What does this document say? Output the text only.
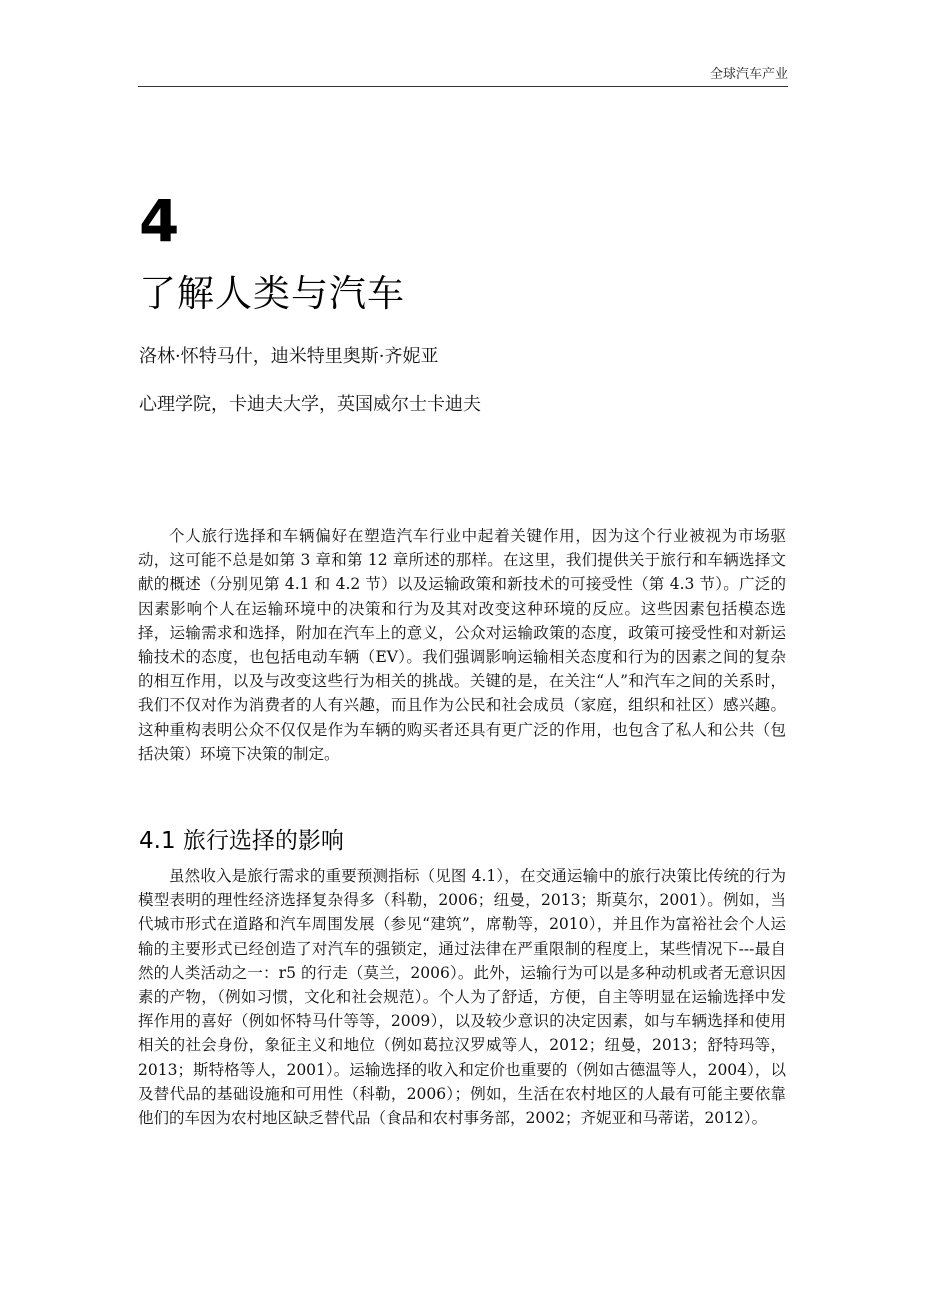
全球汽车产业
4
了解人类与汽车
洛林·怀特马什，迪米特里奥斯·齐妮亚
心理学院，卡迪夫大学，英国威尔士卡迪夫

个人旅行选择和车辆偏好在塑造汽车行业中起着关键作用，因为这个行业被视为市场驱动，这可能不总是如第 3 章和第 12 章所述的那样。在这里，我们提供关于旅行和车辆选择文献的概述（分别见第 4.1 和 4.2 节）以及运输政策和新技术的可接受性（第 4.3 节）。广泛的因素影响个人在运输环境中的决策和行为及其对改变这种环境的反应。这些因素包括模态选择，运输需求和选择，附加在汽车上的意义，公众对运输政策的态度，政策可接受性和对新运输技术的态度，也包括电动车辆（EV）。我们强调影响运输相关态度和行为的因素之间的复杂的相互作用，以及与改变这些行为相关的挑战。关键的是，在关注“人”和汽车之间的关系时，我们不仅对作为消费者的人有兴趣，而且作为公民和社会成员（家庭，组织和社区）感兴趣。这种重构表明公众不仅仅是作为车辆的购买者还具有更广泛的作用，也包含了私人和公共（包括决策）环境下决策的制定。

4.1 旅行选择的影响

虽然收入是旅行需求的重要预测指标（见图 4.1），在交通运输中的旅行决策比传统的行为模型表明的理性经济选择复杂得多（科勒，2006；纽曼，2013；斯莫尔，2001）。例如，当代城市形式在道路和汽车周围发展（参见“建筑”，席勒等，2010），并且作为富裕社会个人运输的主要形式已经创造了对汽车的强锁定，通过法律在严重限制的程度上，某些情况下---最自然的人类活动之一：r5 的行走（莫兰，2006）。此外，运输行为可以是多种动机或者无意识因素的产物，（例如习惯，文化和社会规范）。个人为了舒适，方便，自主等明显在运输选择中发挥作用的喜好（例如怀特马什等等，2009），以及较少意识的决定因素，如与车辆选择和使用相关的社会身份，象征主义和地位（例如葛拉汉罗威等人，2012；纽曼，2013；舒特玛等，2013；斯特格等人，2001）。运输选择的收入和定价也重要的（例如古德温等人，2004），以及替代品的基础设施和可用性（科勒，2006）；例如，生活在农村地区的人最有可能主要依靠他们的车因为农村地区缺乏替代品（食品和农村事务部，2002；齐妮亚和马蒂诺，2012）。
